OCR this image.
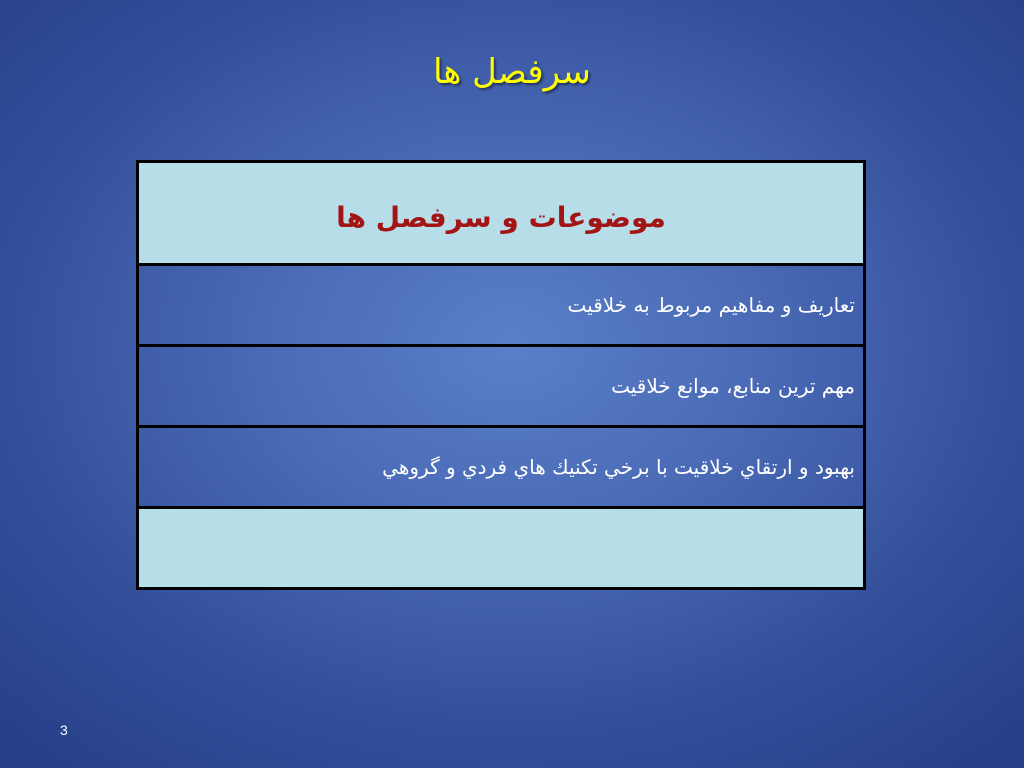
سرفصل ها
موضوعات و سرفصل ها
تعاريف و مفاهيم مربوط به خلاقيت
مهم ترين منابع، موانع خلاقيت
بهبود و ارتقاي خلاقيت با برخي تكنيك هاي فردي و گروهي

3
